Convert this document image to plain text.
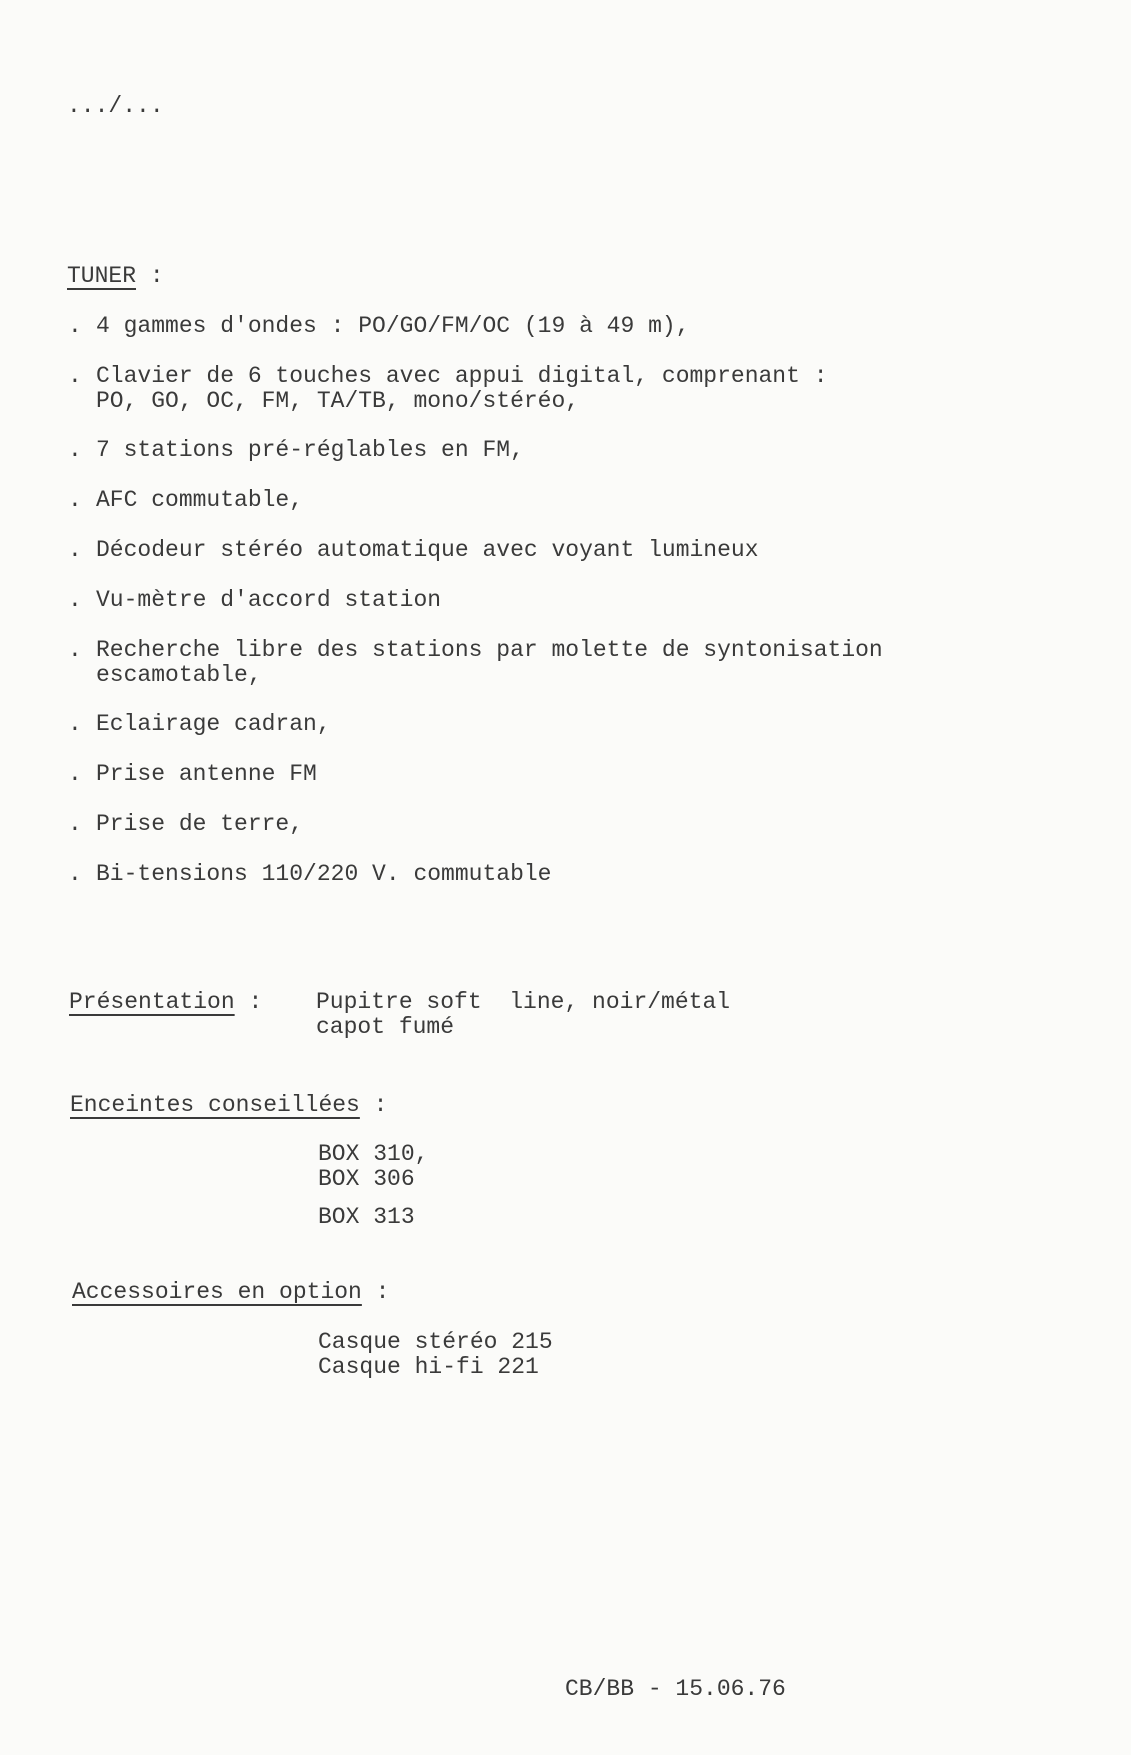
.../...
TUNER :
. 4 gammes d'ondes : PO/GO/FM/OC (19 à 49 m),
. Clavier de 6 touches avec appui digital, comprenant :
PO, GO, OC, FM, TA/TB, mono/stéréo,
. 7 stations pré-réglables en FM,
. AFC commutable,
. Décodeur stéréo automatique avec voyant lumineux
. Vu-mètre d'accord station
. Recherche libre des stations par molette de syntonisation
escamotable,
. Eclairage cadran,
. Prise antenne FM
. Prise de terre,
. Bi-tensions 110/220 V. commutable
Présentation : Pupitre soft  line, noir/métal
capot fumé
Enceintes conseillées :
BOX 310,
BOX 306
BOX 313
Accessoires en option :
Casque stéréo 215
Casque hi-fi 221
CB/BB - 15.06.76
